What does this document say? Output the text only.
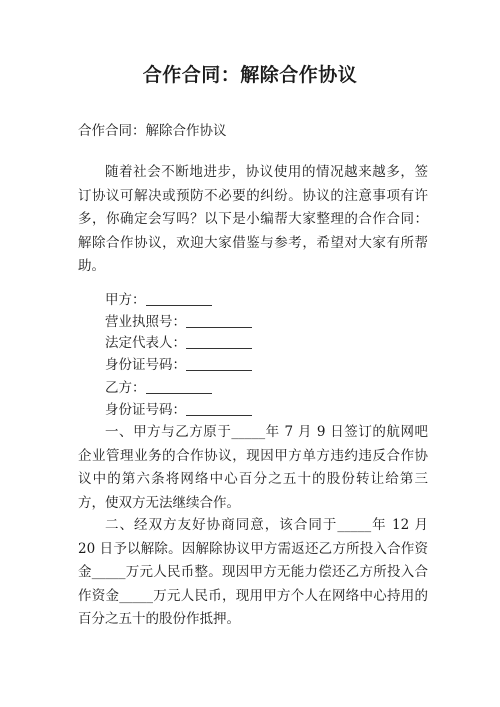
合作合同：解除合作协议
合作合同：解除合作协议

随着社会不断地进步，协议使用的情况越来越多，签订协议可解决或预防不必要的纠纷。协议的注意事项有许多，你确定会写吗？以下是小编帮大家整理的合作合同：解除合作协议，欢迎大家借鉴与参考，希望对大家有所帮助。

甲方：
营业执照号：
法定代表人：
身份证号码：
乙方：
身份证号码：

一、甲方与乙方原于_____年 7 月 9 日签订的航网吧企业管理业务的合作协议，现因甲方单方违约违反合作协议中的第六条将网络中心百分之五十的股份转让给第三方，使双方无法继续合作。

二、经双方友好协商同意，该合同于_____年 12 月 20 日予以解除。因解除协议甲方需返还乙方所投入合作资金_____万元人民币整。现因甲方无能力偿还乙方所投入合作资金_____万元人民币，现用甲方个人在网络中心持用的百分之五十的股份作抵押。
